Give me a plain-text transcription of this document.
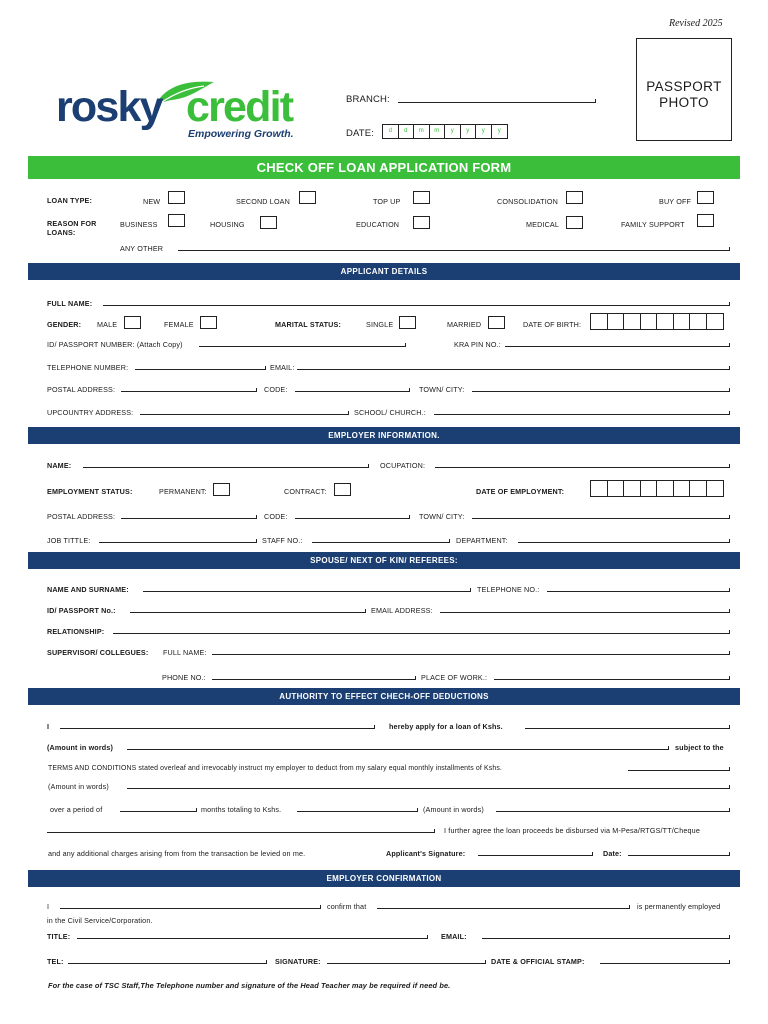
Revised 2025
rosky credit
Empowering Growth.
BRANCH:
DATE:	d	d	m	m	y	y	y	y
PASSPORT
PHOTO
CHECK OFF LOAN APPLICATION FORM
LOAN TYPE:	NEW	SECOND LOAN	TOP UP	CONSOLIDATION	BUY OFF
REASON FOR
LOANS:
BUSINESS	HOUSING	EDUCATION	MEDICAL	FAMILY SUPPORT
ANY OTHER
APPLICANT DETAILS
FULL NAME:
GENDER: MALE	FEMALE	MARITAL STATUS:	SINGLE	MARRIED	DATE OF BIRTH:
ID/ PASSPORT NUMBER: (Attach Copy)	KRA PIN NO.:
TELEPHONE NUMBER:	EMAIL:
POSTAL ADDRESS:	CODE:	TOWN/ CITY:
UPCOUNTRY ADDRESS:	SCHOOL/ CHURCH.:
EMPLOYER INFORMATION.
NAME:	OCUPATION:
EMPLOYMENT STATUS:	PERMANENT:	CONTRACT:	DATE OF EMPLOYMENT:
POSTAL ADDRESS:	CODE:	TOWN/ CITY:
JOB TITTLE:	STAFF NO.:	DEPARTMENT:
SPOUSE/ NEXT OF KIN/ REFEREES:
NAME AND SURNAME:	TELEPHONE NO.:
ID/ PASSPORT No.:	EMAIL ADDRESS:
RELATIONSHIP:
SUPERVISOR/ COLLEGUES: FULL NAME:
PHONE NO.:	PLACE OF WORK.:
AUTHORITY TO EFFECT CHECH-OFF DEDUCTIONS
I	hereby apply for a loan of Kshs.
(Amount in words)	subject to the
TERMS AND CONDITIONS stated overleaf and irrevocably instruct my employer to deduct from my salary equal monthly installments of Kshs.
(Amount in words)
over a period of	months totaling to Kshs.	(Amount in words)
I further agree the loan proceeds be disbursed via M-Pesa/RTGS/TT/Cheque
and any additional charges arising from from the transaction be levied on me.	Applicant's Signature:	Date:
EMPLOYER CONFIRMATION
I	confirm that	is permanently employed
in the Civil Service/Corporation.
TITLE:	EMAIL:
TEL:	SIGNATURE:	DATE & OFFICIAL STAMP:
For the case of TSC Staff,The Telephone number and signature of the Head Teacher may be required if need be.
